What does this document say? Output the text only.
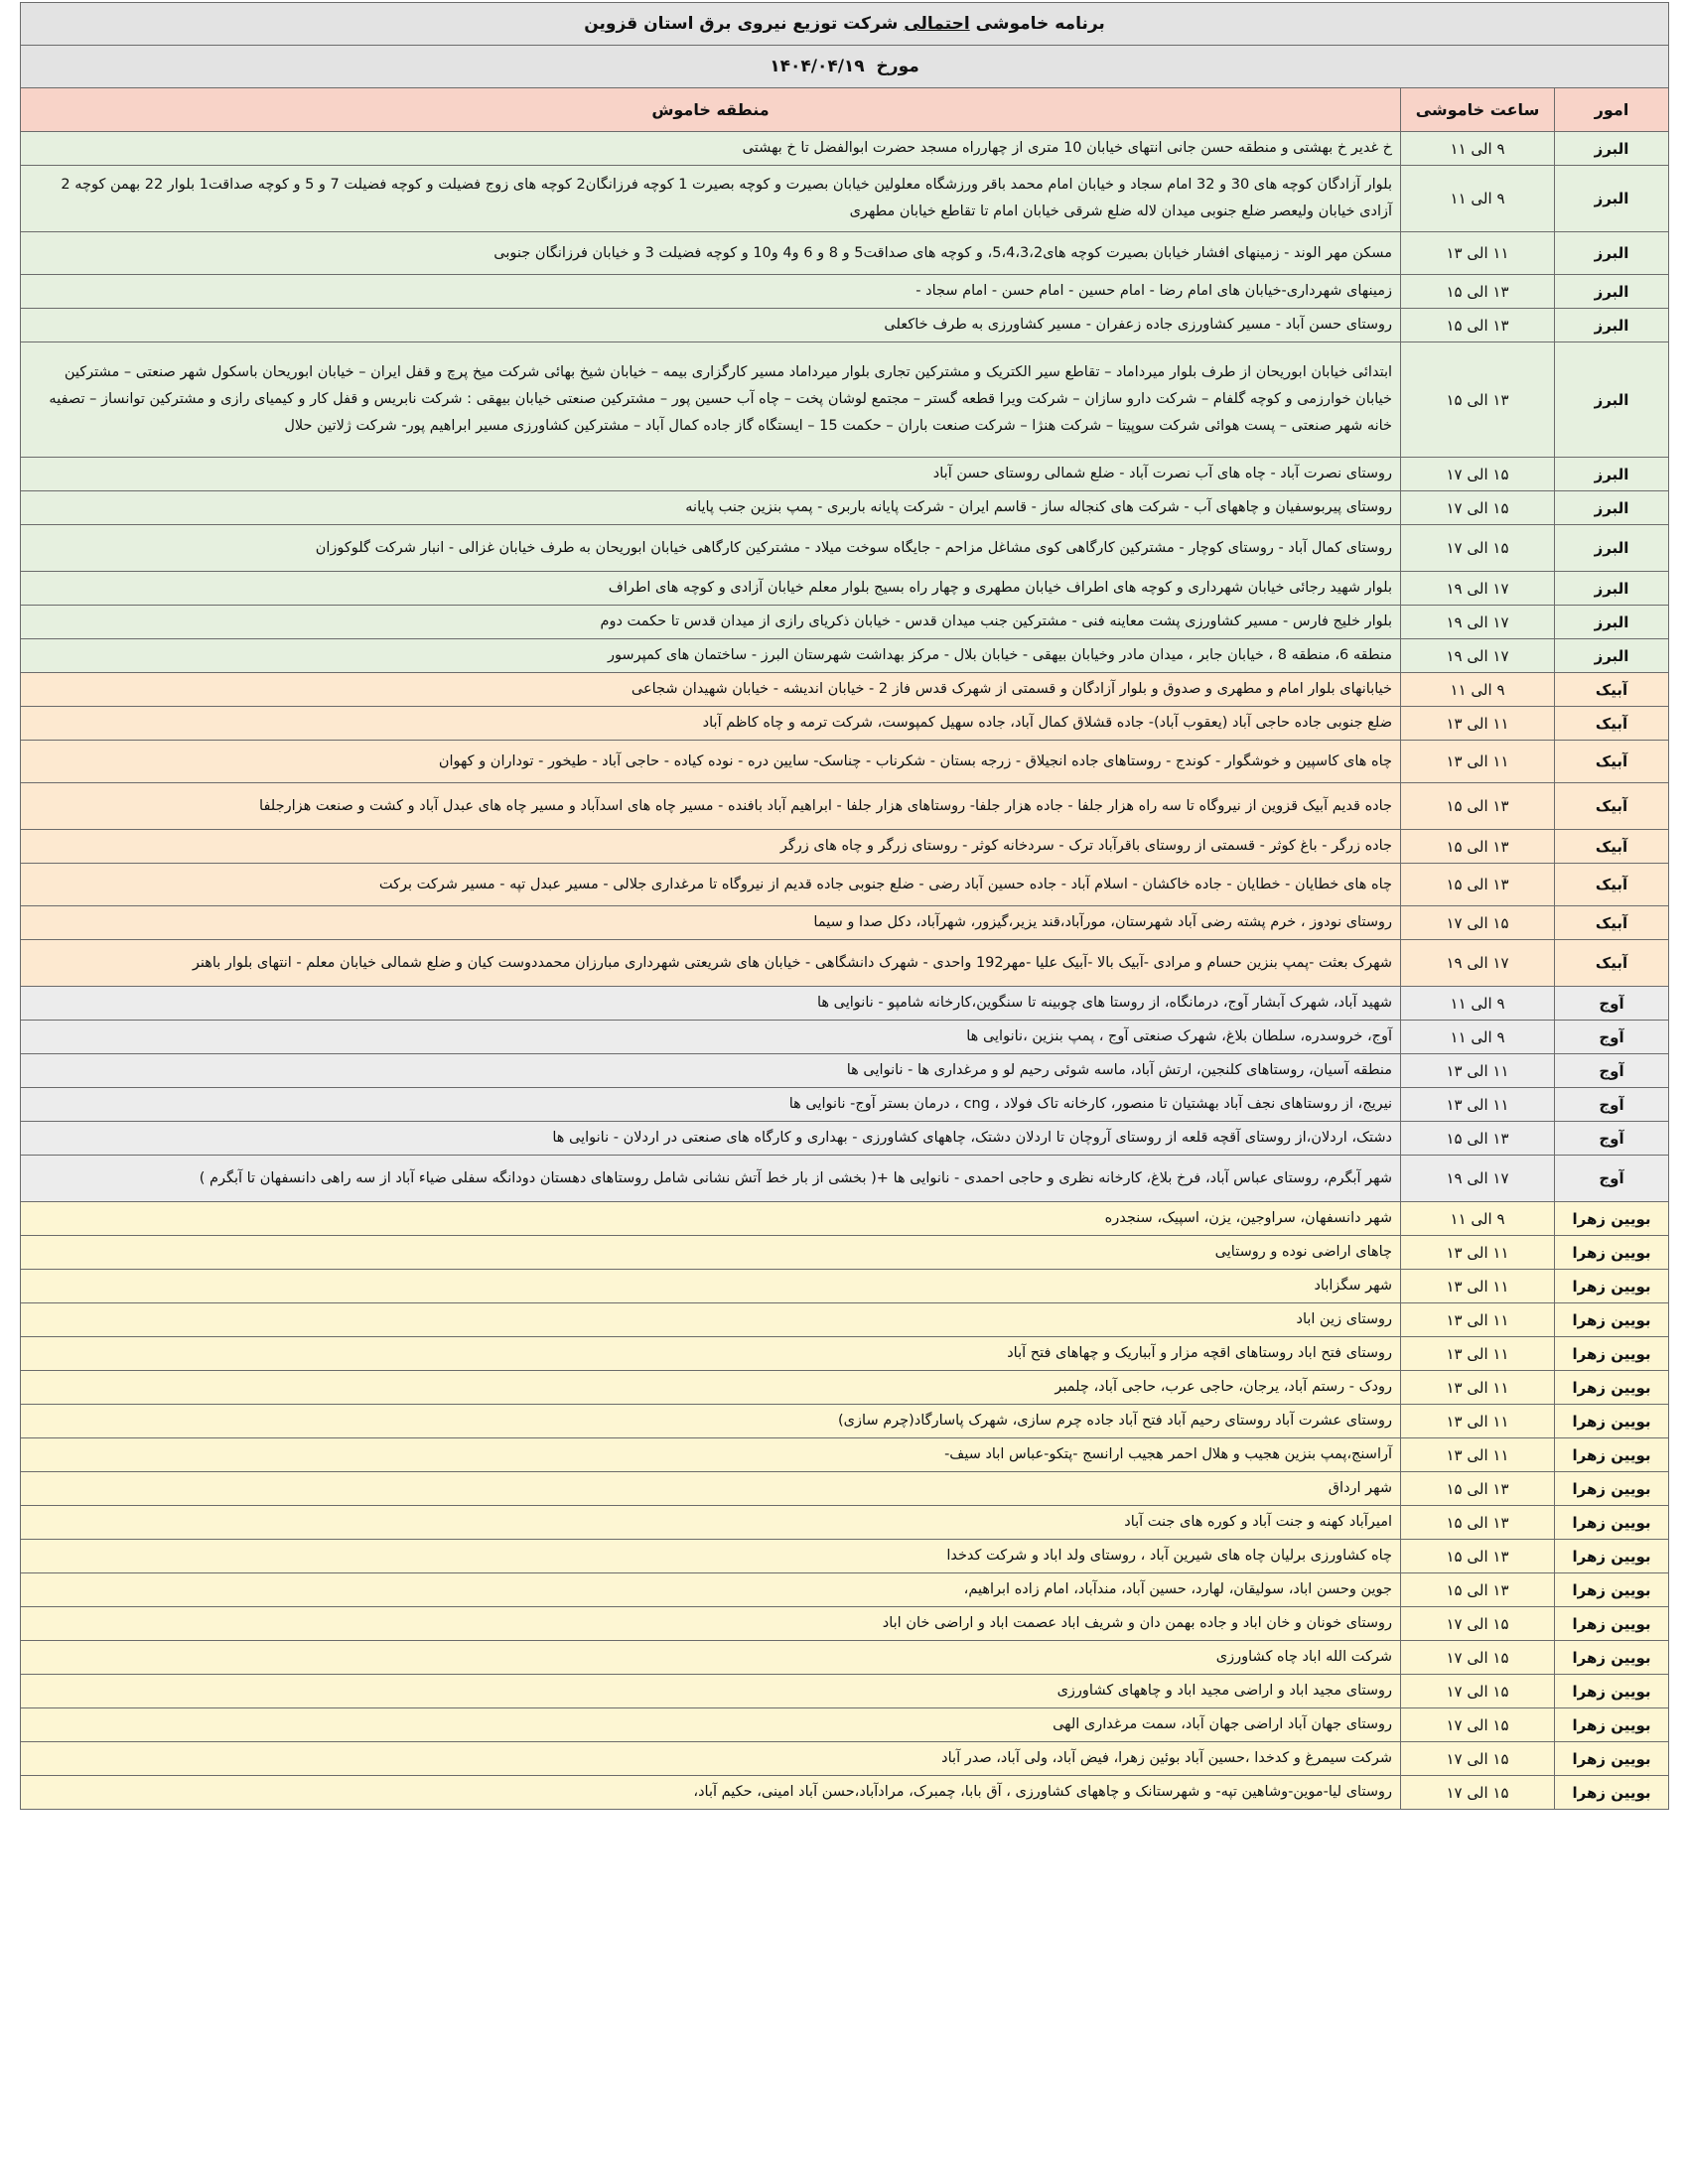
برنامه خاموشی احتمالی شرکت توزیع نیروی برق استان قزوین		
مورخ  ۱۴۰۴/۰۴/۱۹		
امور	ساعت خاموشی	منطقه خاموش
البرز	۹ الی ۱۱	خ غدیر خ بهشتی و منطقه حسن جانی انتهای خیابان 10 متری از چهارراه مسجد حضرت ابوالفضل تا خ بهشتی
البرز	۹ الی ۱۱	بلوار آزادگان کوچه های 30 و 32 امام سجاد و خیابان امام محمد باقر ورزشگاه معلولین خیابان بصیرت و کوچه بصیرت 1 کوچه فرزانگان2 کوچه های زوج فضیلت و کوچه فضیلت 7 و 5 و کوچه صداقت1 بلوار 22 بهمن کوچه 2 آزادی خیابان ولیعصر ضلع جنوبی میدان لاله ضلع شرقی خیابان امام تا تقاطع خیابان مطهری
البرز	۱۱ الی ۱۳	مسکن مهر الوند - زمینهای افشار خیابان بصیرت کوچه های5،4،3،2، و کوچه های صداقت5 و 8 و 6 و4 و10 و کوچه فضیلت 3 و خیابان فرزانگان جنوبی
البرز	۱۳ الی ۱۵	زمینهای شهرداری-خیابان های امام رضا - امام حسین - امام حسن - امام سجاد -
البرز	۱۳ الی ۱۵	روستای حسن آباد - مسیر کشاورزی جاده زعفران - مسیر کشاورزی به طرف خاکعلی
البرز	۱۳ الی ۱۵	ابتدائی خیابان ابوریحان از طرف بلوار میرداماد – تقاطع سیر الکتریک و مشترکین تجاری بلوار میرداماد مسیر کارگزاری بیمه – خیابان شیخ بهائی شرکت میخ پرچ و قفل ایران – خیابان ابوریحان باسکول شهر صنعتی – مشترکین خیابان خوارزمی و کوچه گلفام – شرکت دارو سازان – شرکت ویرا قطعه گستر – مجتمع لوشان پخت – چاه آب حسین پور – مشترکین صنعتی خیابان بیهقی : شرکت نابریس و قفل کار و کیمیای رازی و مشترکین توانساز – تصفیه خانه شهر صنعتی – پست هوائی شرکت سوپیتا – شرکت هنژا – شرکت صنعت باران – حکمت 15 – ایستگاه گاز جاده کمال آباد – مشترکین کشاورزی مسیر ابراهیم پور- شرکت ژلاتین حلال
البرز	۱۵ الی ۱۷	روستای نصرت آباد - چاه های آب نصرت آباد - ضلع شمالی روستای حسن آباد
البرز	۱۵ الی ۱۷	روستای پیربوسفیان و چاههای آب - شرکت های کنجاله ساز - قاسم ایران - شرکت پایانه باربری - پمپ بنزین جنب پایانه
البرز	۱۵ الی ۱۷	روستای کمال آباد - روستای کوچار - مشترکین کارگاهی کوی مشاغل مزاحم - جایگاه سوخت میلاد - مشترکین کارگاهی خیابان ابوریحان به طرف خیابان غزالی - انبار شرکت گلوکوزان
البرز	۱۷ الی ۱۹	بلوار شهید رجائی خیابان شهرداری و کوچه های اطراف خیابان مطهری و چهار راه بسیج بلوار معلم خیابان آزادی و کوچه های اطراف
البرز	۱۷ الی ۱۹	بلوار خلیج فارس - مسیر کشاورزی پشت معاینه فنی - مشترکین جنب میدان قدس - خیابان ذکریای رازی از میدان قدس تا حکمت دوم
البرز	۱۷ الی ۱۹	منطقه 6، منطقه 8 ، خیابان جابر ، میدان مادر وخیابان بیهقی - خیابان بلال - مرکز بهداشت شهرستان البرز - ساختمان های کمپرسور
آبیک	۹ الی ۱۱	خیابانهای بلوار امام و مطهری و صدوق و بلوار آزادگان و قسمتی از شهرک قدس فاز 2 - خیابان اندیشه - خیابان شهیدان شجاعی
آبیک	۱۱ الی ۱۳	ضلع جنوبی جاده حاجی آباد (یعقوب آباد)- جاده قشلاق کمال آباد، جاده سهیل کمپوست، شرکت ترمه و چاه کاظم آباد
آبیک	۱۱ الی ۱۳	چاه های کاسپین و خوشگوار - کوندج - روستاهای جاده انجیلاق - زرجه بستان - شکرناب - چناسک- سایین دره - نوده کیاده - حاجی آباد - طیخور - توداران و کهوان
آبیک	۱۳ الی ۱۵	جاده قدیم آبیک قزوین از نیروگاه تا سه راه هزار جلفا - جاده هزار جلفا- روستاهای هزار جلفا - ابراهیم آباد بافنده - مسیر چاه های اسدآباد و مسیر چاه های عبدل آباد و کشت و صنعت هزارجلفا
آبیک	۱۳ الی ۱۵	جاده زرگر - باغ کوثر - قسمتی از روستای باقرآباد ترک - سردخانه کوثر - روستای زرگر و چاه های زرگر
آبیک	۱۳ الی ۱۵	چاه های خطایان - خطایان - جاده خاکشان - اسلام آباد - جاده حسین آباد رضی - ضلع جنوبی جاده قدیم از نیروگاه تا مرغداری جلالی - مسیر عبدل تپه - مسیر شرکت برکت
آبیک	۱۵ الی ۱۷	روستای نودوز ، خرم پشته رضی آباد شهرستان، مورآباد،قند یزیر،گیزور، شهرآباد، دکل صدا و سیما
آبیک	۱۷ الی ۱۹	شهرک بعثت -پمپ بنزین حسام و مرادی -آبیک بالا -آبیک علیا -مهر192 واحدی - شهرک دانشگاهی - خیابان های شریعتی شهرداری مبارزان محمددوست کیان و ضلع شمالی خیابان معلم - انتهای بلوار باهنر
آوج	۹ الی ۱۱	شهید آباد، شهرک آبشار آوج، درمانگاه، از روستا های چوبینه تا سنگوین،کارخانه شامپو - نانوایی ها
آوج	۹ الی ۱۱	آوج، خروسدره، سلطان بلاغ، شهرک صنعتی آوج ، پمپ بنزین ،نانوایی ها
آوج	۱۱ الی ۱۳	منطقه آسیان، روستاهای کلنجین، ارتش آباد، ماسه شوئی رحیم لو و مرغداری ها - نانوایی ها
آوج	۱۱ الی ۱۳	نیریج، از روستاهای نجف آباد بهشتیان تا منصور، کارخانه تاک فولاد ، cng ، درمان بستر آوج- نانوایی ها
آوج	۱۳ الی ۱۵	دشتک، اردلان،از روستای آقچه قلعه از روستای آروچان تا اردلان دشتک، چاههای کشاورزی - بهداری و کارگاه های صنعتی در اردلان - نانوایی ها
آوج	۱۷ الی ۱۹	شهر آبگرم، روستای عباس آباد، فرخ بلاغ، کارخانه نظری و حاجی احمدی - نانوایی ها +( بخشی از بار خط آتش نشانی شامل روستاهای دهستان دودانگه سفلی ضیاء آباد از سه راهی دانسفهان تا آبگرم )
بویین زهرا	۹ الی ۱۱	شهر دانسفهان، سراوجین، یزن، اسپیک، سنجدره
بویین زهرا	۱۱ الی ۱۳	چاهای اراضی نوده و روستایی
بویین زهرا	۱۱ الی ۱۳	شهر سگزاباد
بویین زهرا	۱۱ الی ۱۳	روستای زین اباد
بویین زهرا	۱۱ الی ۱۳	روستای فتح اباد روستاهای اقچه مزار و آبباریک و چهاهای فتح آباد
بویین زهرا	۱۱ الی ۱۳	رودک - رستم آباد، یرجان، حاجی عرب، حاجی آباد، چلمبر
بویین زهرا	۱۱ الی ۱۳	روستای عشرت آباد روستای رحیم آباد فتح آباد جاده چرم سازی، شهرک پاسارگاد(چرم سازی)
بویین زهرا	۱۱ الی ۱۳	آراسنج،پمپ بنزین هجیب و هلال احمر هجیب ارانسج -پتکو-عباس اباد سیف-
بویین زهرا	۱۳ الی ۱۵	شهر ارداق
بویین زهرا	۱۳ الی ۱۵	امیرآباد کهنه و جنت آباد و کوره های جنت آباد
بویین زهرا	۱۳ الی ۱۵	چاه کشاورزی برلیان چاه های شیرین آباد ، روستای ولد اباد و شرکت کدخدا
بویین زهرا	۱۳ الی ۱۵	جوین وحسن اباد، سولیقان، لهارد، حسین آباد، مندآباد، امام زاده ابراهیم،
بویین زهرا	۱۵ الی ۱۷	روستای خونان و خان اباد و جاده بهمن دان و شریف اباد عصمت اباد و اراضی خان اباد
بویین زهرا	۱۵ الی ۱۷	شرکت الله اباد چاه کشاورزی
بویین زهرا	۱۵ الی ۱۷	روستای مجید اباد و اراضی مجید اباد و چاههای کشاورزی
بویین زهرا	۱۵ الی ۱۷	روستای جهان آباد اراضی جهان آباد، سمت مرغداری الهی
بویین زهرا	۱۵ الی ۱۷	شرکت سیمرغ و کدخدا ،حسین آباد بوئین زهرا، فیض آباد، ولی آباد، صدر آباد
بویین زهرا	۱۵ الی ۱۷	روستای لیا-موین-وشاهین تپه- و شهرستانک و چاههای کشاورزی ، آق بابا، چمبرک، مرادآباد،حسن آباد امینی، حکیم آباد،
